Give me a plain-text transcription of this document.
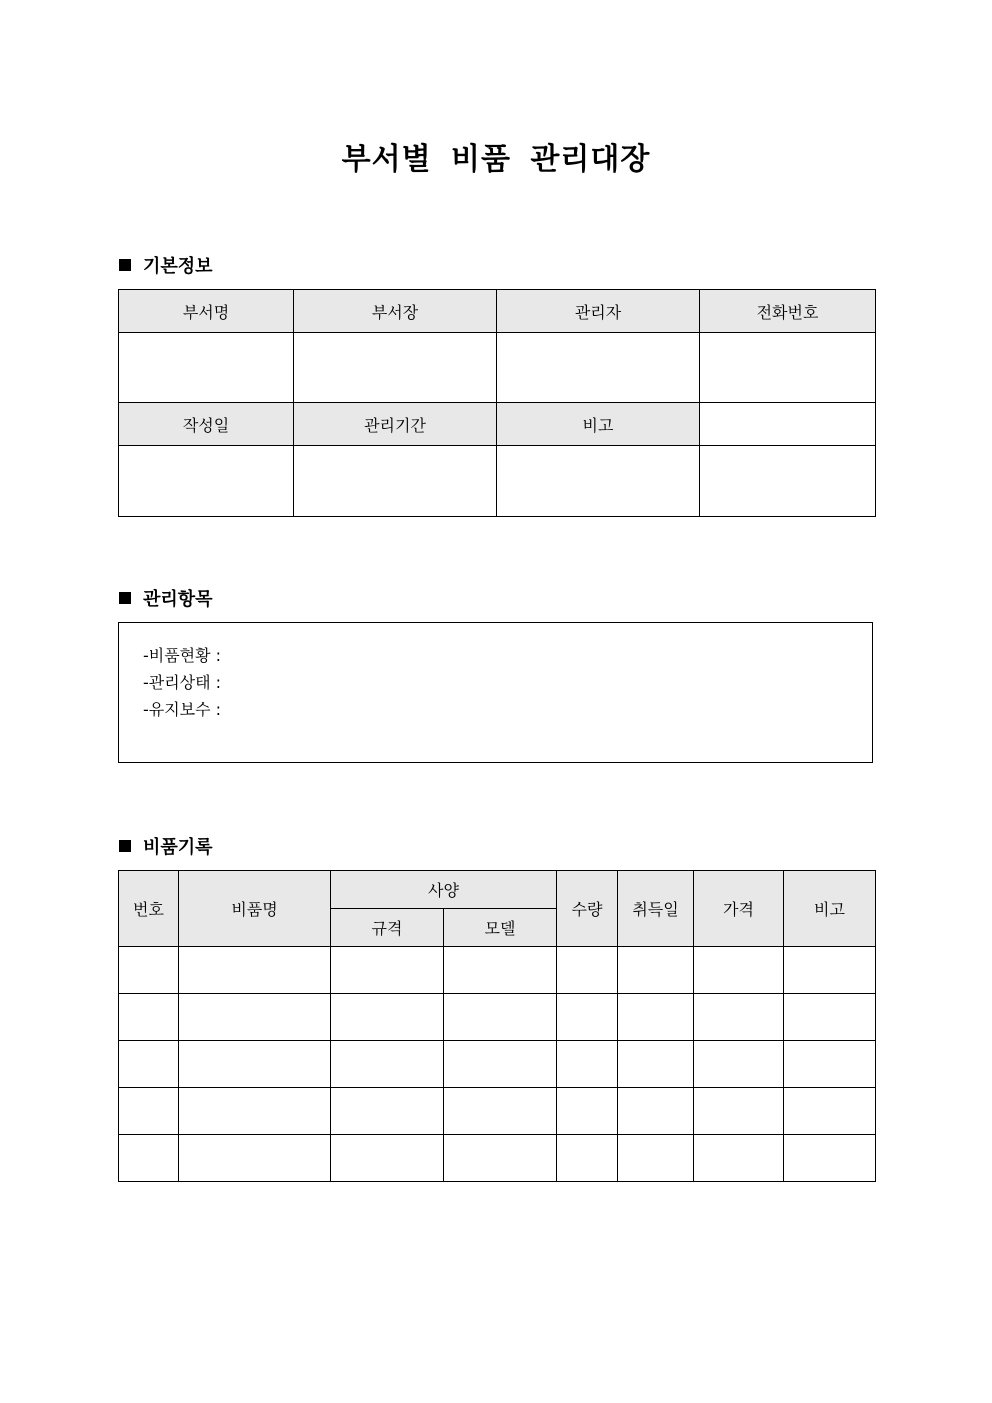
부서별 비품 관리대장
기본정보
부서명	부서장	관리자	전화번호

작성일	관리기간	비고	

관리항목
-비품현황 :
-관리상태 :
-유지보수 :
비품기록
번호	비품명	사양		수량	취득일	가격	비고
		규격	모델				
